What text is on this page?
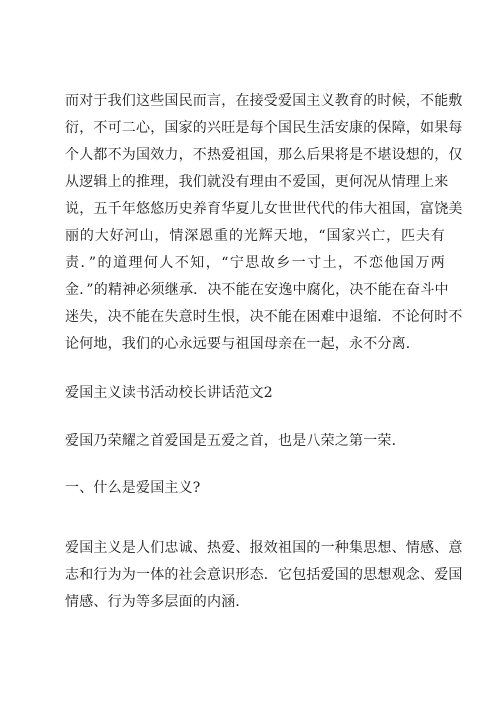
而对于我们这些国民而言，在接受爱国主义教育的时候，不能敷
衍，不可二心，国家的兴旺是每个国民生活安康的保障，如果每
个人都不为国效力，不热爱祖国，那么后果将是不堪设想的，仅
从逻辑上的推理，我们就没有理由不爱国，更何况从情理上来
说，五千年悠悠历史养育华夏儿女世世代代的伟大祖国，富饶美
丽的大好河山，情深恩重的光辉天地，“国家兴亡，匹夫有
责．”的道理何人不知，“宁思故乡一寸土，不恋他国万两
金．”的精神必须继承．决不能在安逸中腐化，决不能在奋斗中
迷失，决不能在失意时生恨，决不能在困难中退缩．不论何时不
论何地，我们的心永远要与祖国母亲在一起，永不分离．
爱国主义读书活动校长讲话范文2
爱国乃荣耀之首爱国是五爱之首，也是八荣之第一荣．
一、什么是爱国主义?
爱国主义是人们忠诚、热爱、报效祖国的一种集思想、情感、意
志和行为为一体的社会意识形态．它包括爱国的思想观念、爱国
情感、行为等多层面的内涵．
